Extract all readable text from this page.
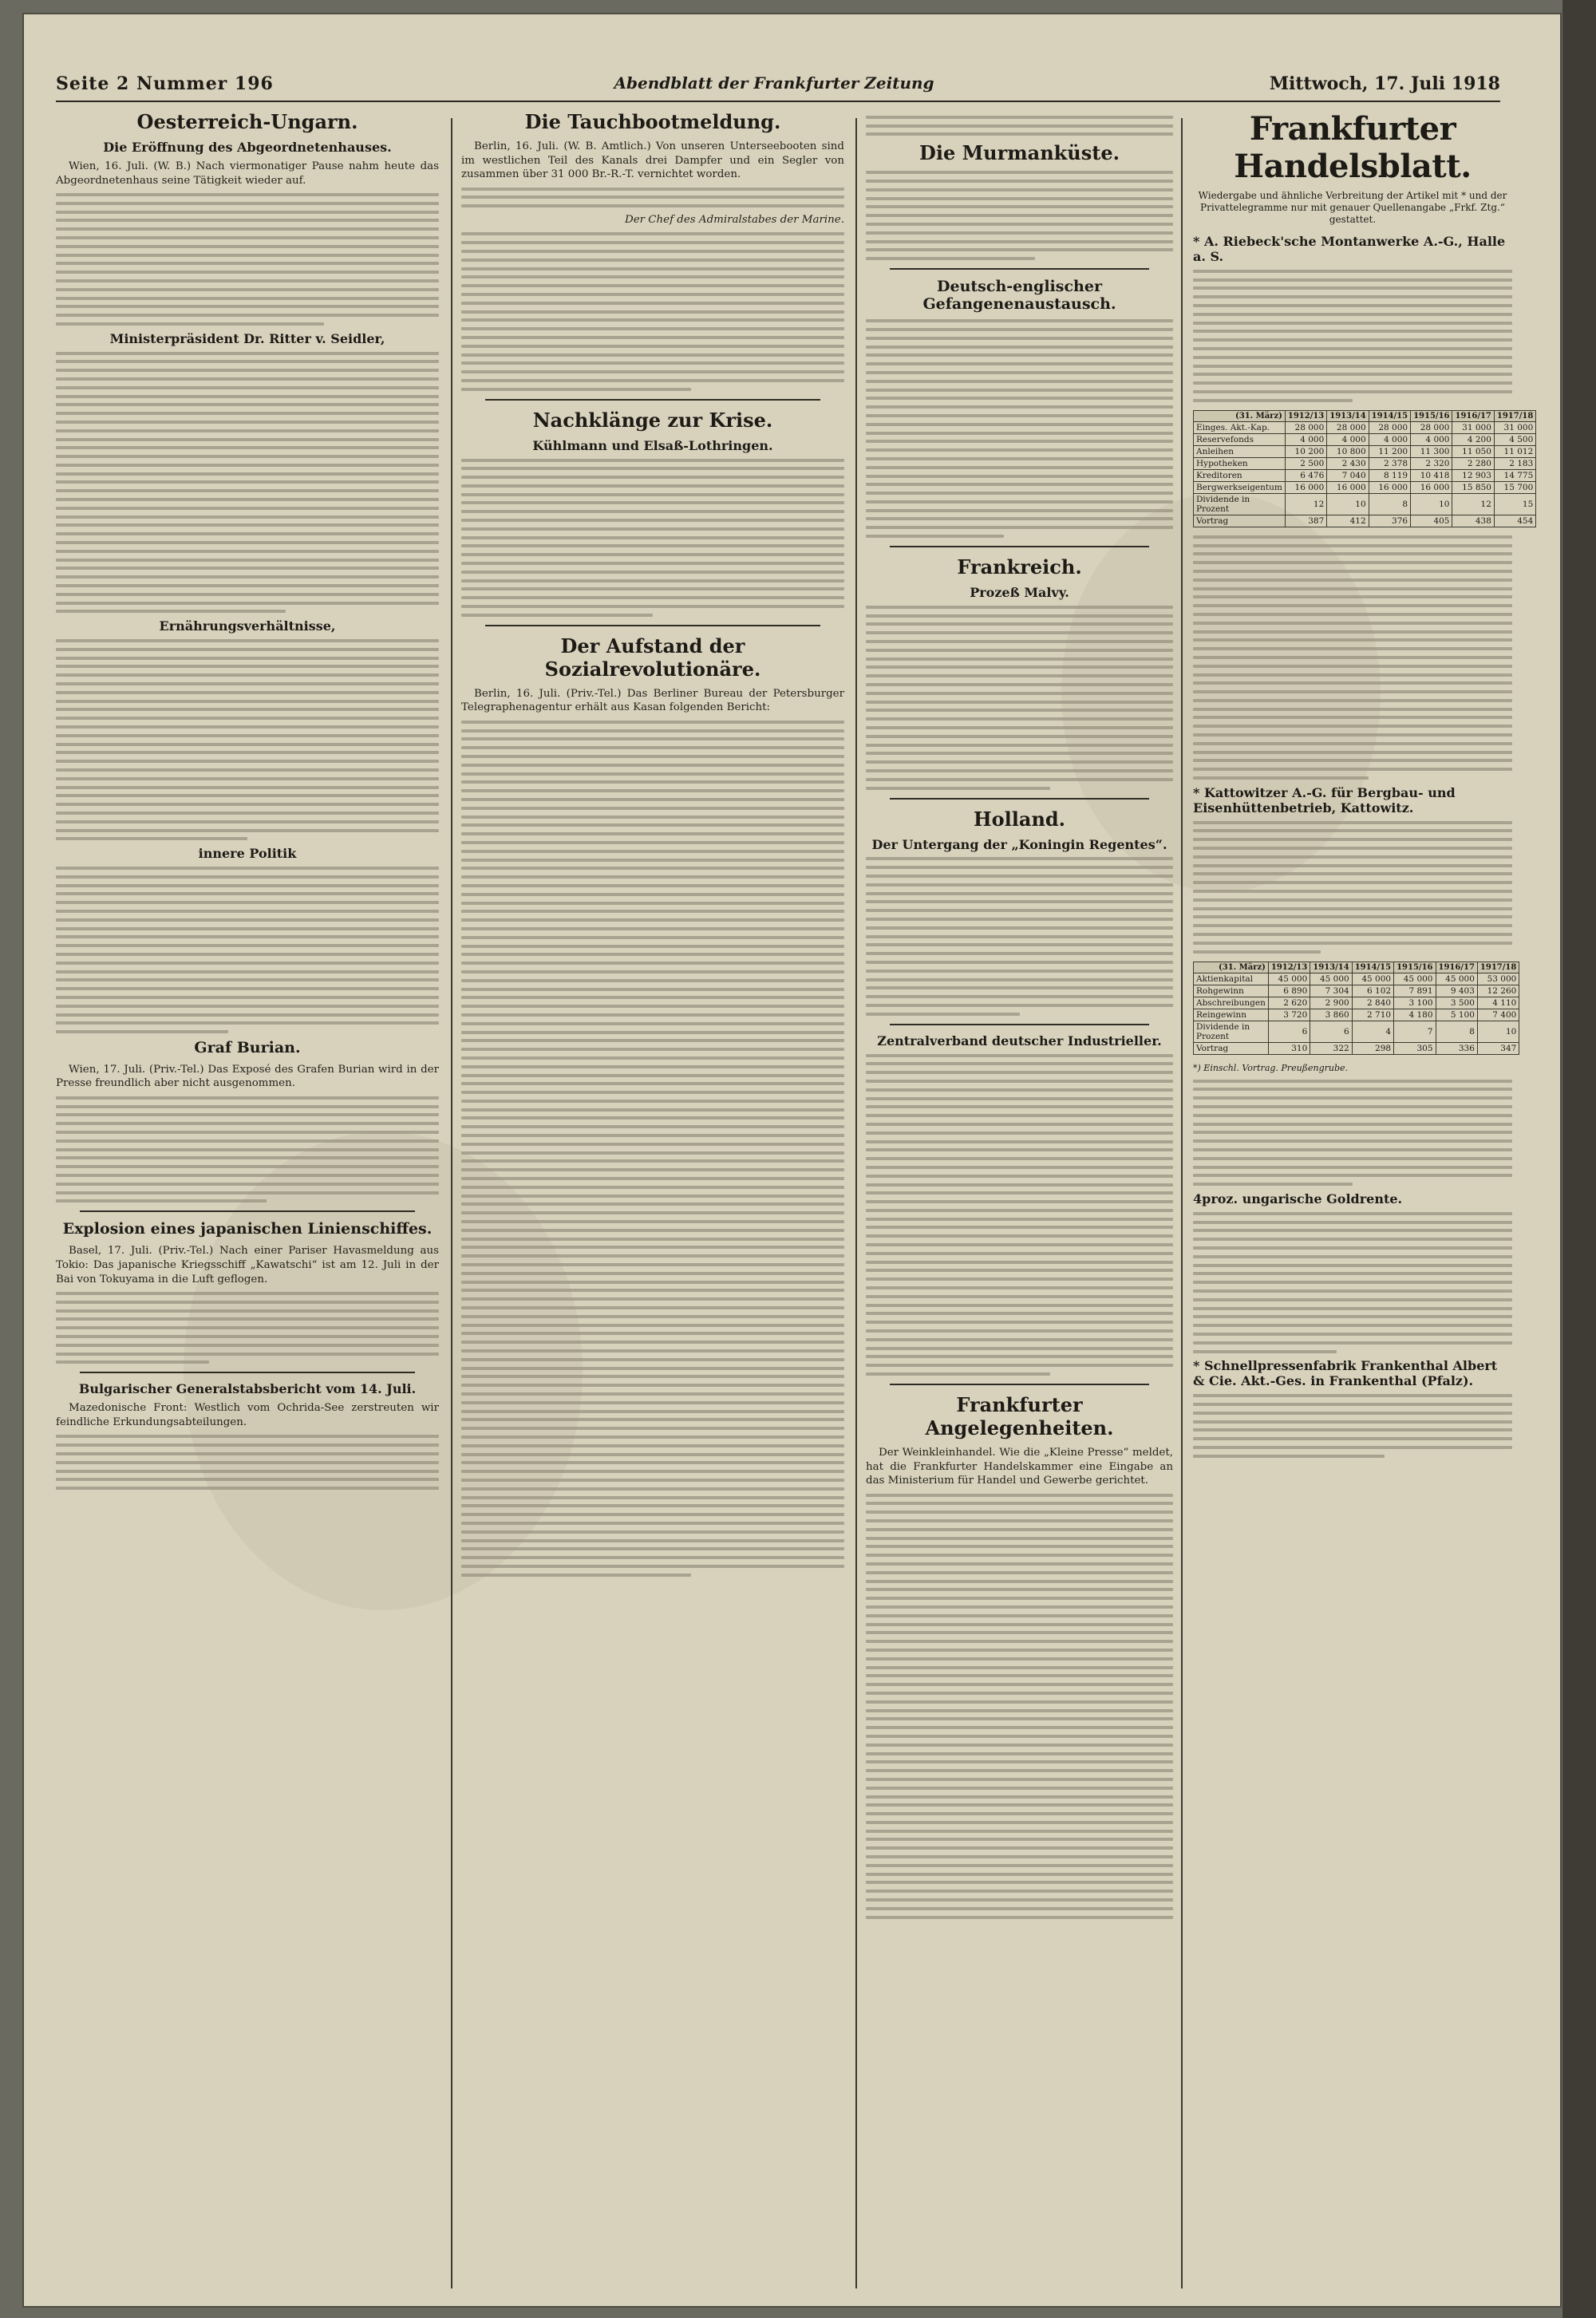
Seite 2 Nummer 196	Abendblatt der Frankfurter Zeitung	Mittwoch, 17. Juli 1918
Oesterreich-Ungarn.
Die Eröffnung des Abgeordnetenhauses.

Wien, 16. Juli. (W. B.) Nach viermonatiger Pause nahm heute das Abgeordnetenhaus seine Tätigkeit wieder auf.

Ministerpräsident Dr. Ritter v. Seidler,
Ernährungsverhältnisse,
innere Politik
Graf Burian.

Wien, 17. Juli. (Priv.-Tel.) Das Exposé des Grafen Burian wird in der Presse freundlich aber nicht ausgenommen.

Explosion eines japanischen Linienschiffes.

Basel, 17. Juli. (Priv.-Tel.) Nach einer Pariser Havasmeldung aus Tokio: Das japanische Kriegsschiff „Kawatschi“ ist am 12. Juli in der Bai von Tokuyama in die Luft geflogen.

Bulgarischer Generalstabsbericht vom 14. Juli.

Mazedonische Front: Westlich vom Ochrida-See zerstreuten wir feindliche Erkundungsabteilungen.

Die Tauchbootmeldung.

Berlin, 16. Juli. (W. B. Amtlich.) Von unseren Unterseebooten sind im westlichen Teil des Kanals drei Dampfer und ein Segler von zusammen über 31 000 Br.-R.-T. vernichtet worden.

Der Chef des Admiralstabes der Marine.

Nachklänge zur Krise.
Kühlmann und Elsaß-Lothringen.
Der Aufstand der Sozialrevolutionäre.

Berlin, 16. Juli. (Priv.-Tel.) Das Berliner Bureau der Petersburger Telegraphenagentur erhält aus Kasan folgenden Bericht:

Die Murmanküste.
Deutsch-englischer Gefangenenaustausch.
Frankreich.
Prozeß Malvy.
Holland.
Der Untergang der „Koningin Regentes“.
Zentralverband deutscher Industrieller.
Frankfurter Angelegenheiten.

Der Weinkleinhandel. Wie die „Kleine Presse“ meldet, hat die Frankfurter Handelskammer eine Eingabe an das Ministerium für Handel und Gewerbe gerichtet.

Frankfurter Handelsblatt.
Wiedergabe und ähnliche Verbreitung der Artikel mit * und der Privattelegramme nur mit genauer Quellenangabe „Frkf. Ztg.“ gestattet.
* A. Riebeck'sche Montanwerke A.-G., Halle a. S.
(31. März)	1912/13	1913/14	1914/15	1915/16	1916/17	1917/18
Einges. Akt.-Kap.	28 000	28 000	28 000	28 000	31 000	31 000
Reservefonds	4 000	4 000	4 000	4 000	4 200	4 500
Anleihen	10 200	10 800	11 200	11 300	11 050	11 012
Hypotheken	2 500	2 430	2 378	2 320	2 280	2 183
Kreditoren	6 476	7 040	8 119	10 418	12 903	14 775
Bergwerkseigentum	16 000	16 000	16 000	16 000	15 850	15 700
Dividende in Prozent	12	10	8	10	12	15
Vortrag	387	412	376	405	438	454
* Kattowitzer A.-G. für Bergbau- und Eisenhüttenbetrieb, Kattowitz.
(31. März)	1912/13	1913/14	1914/15	1915/16	1916/17	1917/18
Aktienkapital	45 000	45 000	45 000	45 000	45 000	53 000
Rohgewinn	6 890	7 304	6 102	7 891	9 403	12 260
Abschreibungen	2 620	2 900	2 840	3 100	3 500	4 110
Reingewinn	3 720	3 860	2 710	4 180	5 100	7 400
Dividende in Prozent	6	6	4	7	8	10
Vortrag	310	322	298	305	336	347
*) Einschl. Vortrag. Preußengrube.
4proz. ungarische Goldrente.
* Schnellpressenfabrik Frankenthal Albert & Cie. Akt.-Ges. in Frankenthal (Pfalz).
